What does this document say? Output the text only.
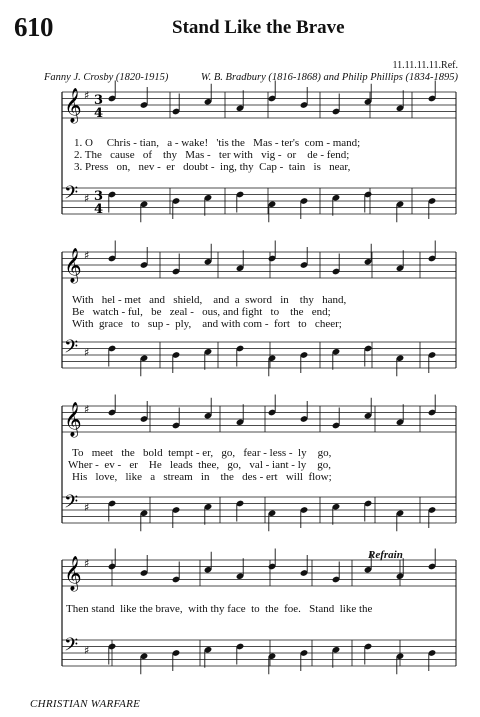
610	Stand Like the Brave
11.11.11.11.Ref.
Fanny J. Crosby (1820-1915)	W. B. Bradbury (1816-1868) and Philip Phillips (1834-1895)
Refrain
CHRISTIAN WARFARE
𝄞 ♯ 3
4
𝄢 ♯ 3
4
𝄞 ♯
𝄢 ♯
𝄞 ♯
𝄢 ♯
𝄞 ♯
𝄢 ♯
1. O     Chris - tian,   a - wake!   'tis the   Mas - ter's  com - mand;
2. The   cause   of    thy   Mas -   ter with   vig -  or    de - fend;
3. Press   on,   nev -  er   doubt -  ing, thy  Cap -  tain   is   near,
With   hel - met   and   shield,    and  a  sword   in    thy   hand,
Be   watch - ful,   be   zeal -   ous, and fight   to    the   end;
With  grace   to   sup -  ply,    and with com -  fort   to   cheer;
To   meet   the   bold  tempt - er,   go,   fear - less -  ly    go,
Wher -  ev -   er    He   leads  thee,   go,   val - iant - ly    go,
His   love,   like   a   stream   in    the   des - ert   will  flow;
Then stand  like the brave,  with thy face  to  the  foe.   Stand  like the
